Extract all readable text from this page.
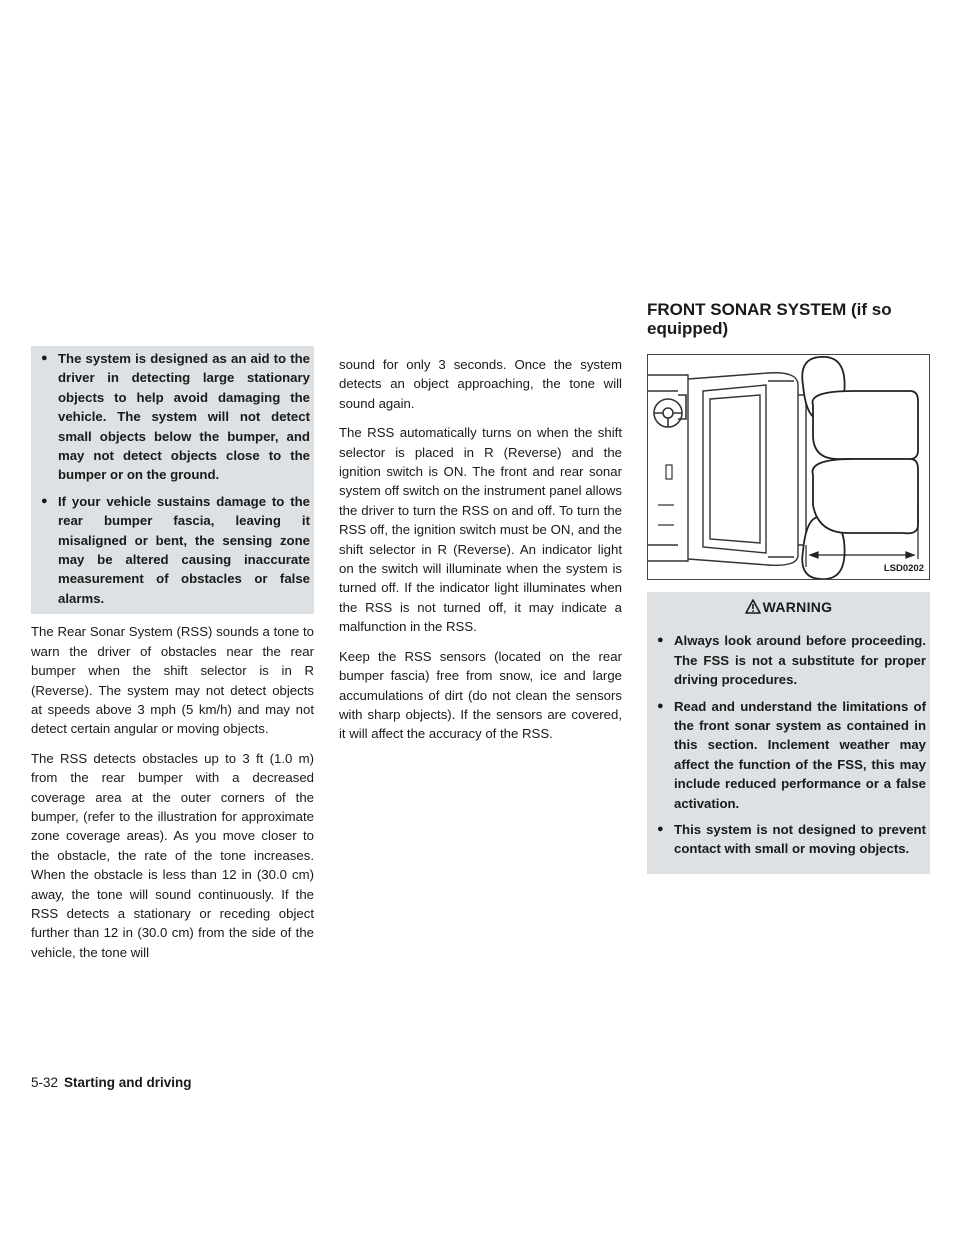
● The system is designed as an aid to the driver in detecting large stationary objects to help avoid damaging the vehicle. The system will not detect small objects below the bumper, and may not detect objects close to the bumper or on the ground.
● If your vehicle sustains damage to the rear bumper fascia, leaving it misaligned or bent, the sensing zone may be altered causing inaccurate measurement of obstacles or false alarms.

The Rear Sonar System (RSS) sounds a tone to warn the driver of obstacles near the rear bumper when the shift selector is in R (Reverse). The system may not detect objects at speeds above 3 mph (5 km/h) and may not detect certain angular or moving objects.

The RSS detects obstacles up to 3 ft (1.0 m) from the rear bumper with a decreased coverage area at the outer corners of the bumper, (refer to the illustration for approximate zone coverage areas). As you move closer to the obstacle, the rate of the tone increases. When the obstacle is less than 12 in (30.0 cm) away, the tone will sound continuously. If the RSS detects a stationary or receding object further than 12 in (30.0 cm) from the side of the vehicle, the tone will

sound for only 3 seconds. Once the system detects an object approaching, the tone will sound again.

The RSS automatically turns on when the shift selector is placed in R (Reverse) and the ignition switch is ON. The front and rear sonar system off switch on the instrument panel allows the driver to turn the RSS on and off. To turn the RSS off, the ignition switch must be ON, and the shift selector in R (Reverse). An indicator light on the switch will illuminate when the system is turned off. If the indicator light illuminates when the RSS is not turned off, it may indicate a malfunction in the RSS.

Keep the RSS sensors (located on the rear bumper fascia) free from snow, ice and large accumulations of dirt (do not clean the sensors with sharp objects). If the sensors are covered, it will affect the accuracy of the RSS.

FRONT SONAR SYSTEM (if so equipped)
LSD0202
WARNING
● Always look around before proceeding. The FSS is not a substitute for proper driving procedures.
● Read and understand the limitations of the front sonar system as contained in this section. Inclement weather may affect the function of the FSS, this may include reduced performance or a false activation.
● This system is not designed to prevent contact with small or moving objects.
5-32 Starting and driving
